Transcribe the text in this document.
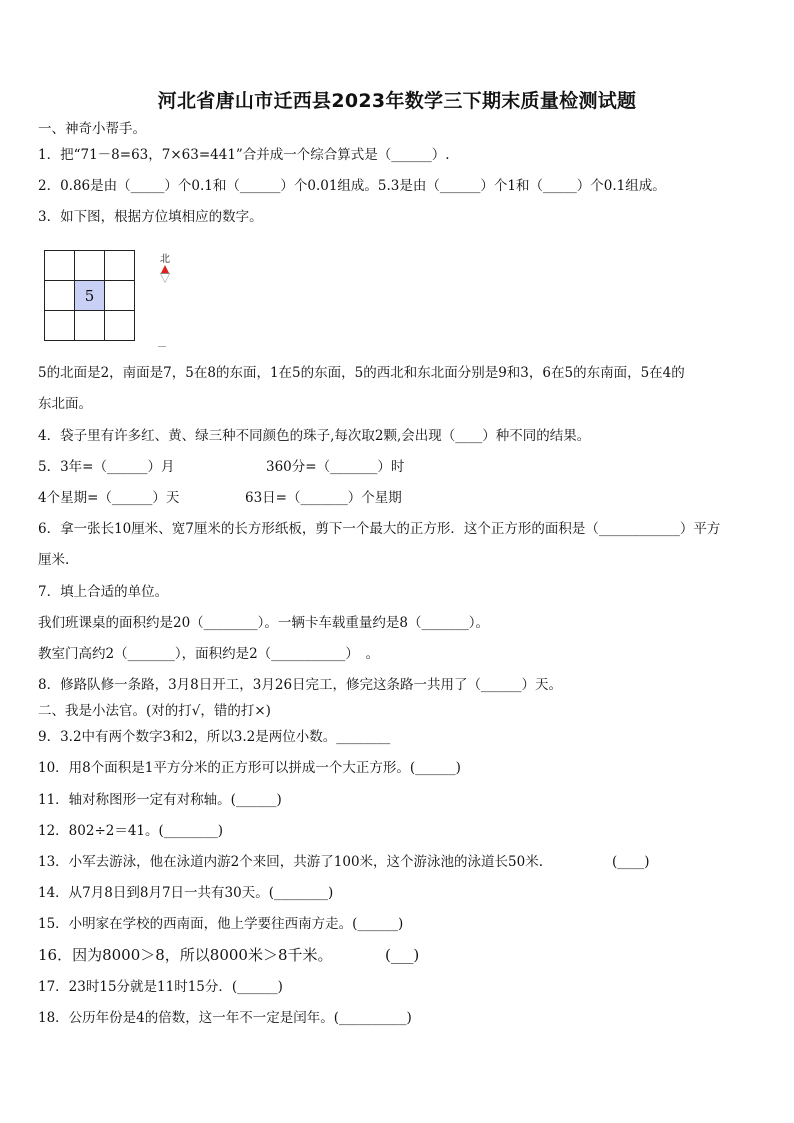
河北省唐山市迁西县2023年数学三下期末质量检测试题
一、神奇小帮手。
1．把“71－8=63，7×63=441”合并成一个综合算式是（______）.
2．0.86是由（_____）个0.1和（______）个0.01组成。5.3是由（______）个1和（_____）个0.1组成。
3．如下图，根据方位填相应的数字。
5
北
5的北面是2，南面是7，5在8的东面，1在5的东面，5的西北和东北面分别是9和3，6在5的东南面，5在4的
东北面。
4．袋子里有许多红、黄、绿三种不同颜色的珠子,每次取2颗,会出现（____）种不同的结果。
5．3年=（______）月	360分=（_______）时
4个星期=（______）天	63日=（_______）个星期
6．拿一张长10厘米、宽7厘米的长方形纸板，剪下一个最大的正方形．这个正方形的面积是（____________）平方
厘米.
7．填上合适的单位。
我们班课桌的面积约是20（________）。一辆卡车载重量约是8（_______）。
教室门高约2（_______），面积约是2（___________）　。
8．修路队修一条路，3月8日开工，3月26日完工，修完这条路一共用了（______）天。
二、我是小法官。(对的打√，错的打×)
9．3.2中有两个数字3和2，所以3.2是两位小数。________
10．用8个面积是1平方分米的正方形可以拼成一个大正方形。(______)
11．轴对称图形一定有对称轴。(______)
12．802÷2＝41。(________)
13．小军去游泳，他在泳道内游2个来回，共游了100米，这个游泳池的泳道长50米.	(____)
14．从7月8日到8月7日一共有30天。(________)
15．小明家在学校的西南面，他上学要往西南方走。(______)
16．因为8000＞8，所以8000米＞8千米。	(___)
17．23时15分就是11时15分．(______)
18．公历年份是4的倍数，这一年不一定是闰年。(__________)
